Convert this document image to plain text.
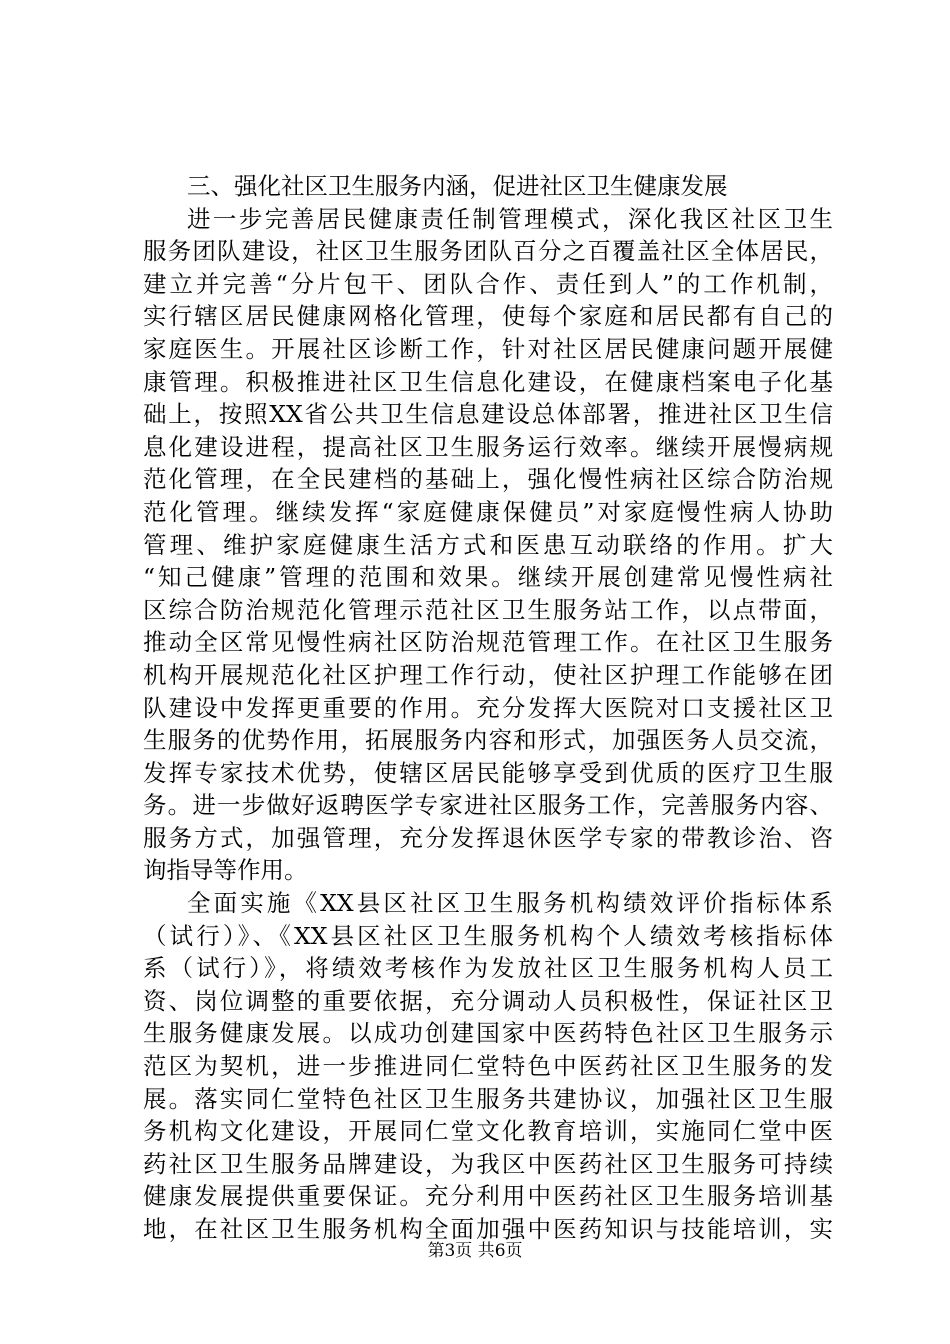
三、强化社区卫生服务内涵，促进社区卫生健康发展
进一步完善居民健康责任制管理模式，深化我区社区卫生
服务团队建设，社区卫生服务团队百分之百覆盖社区全体居民，
建立并完善“分片包干、团队合作、责任到人”的工作机制，
实行辖区居民健康网格化管理，使每个家庭和居民都有自己的
家庭医生。开展社区诊断工作，针对社区居民健康问题开展健
康管理。积极推进社区卫生信息化建设，在健康档案电子化基
础上，按照XX省公共卫生信息建设总体部署，推进社区卫生信
息化建设进程，提高社区卫生服务运行效率。继续开展慢病规
范化管理，在全民建档的基础上，强化慢性病社区综合防治规
范化管理。继续发挥“家庭健康保健员”对家庭慢性病人协助
管理、维护家庭健康生活方式和医患互动联络的作用。扩大
“知己健康”管理的范围和效果。继续开展创建常见慢性病社
区综合防治规范化管理示范社区卫生服务站工作，以点带面，
推动全区常见慢性病社区防治规范管理工作。在社区卫生服务
机构开展规范化社区护理工作行动，使社区护理工作能够在团
队建设中发挥更重要的作用。充分发挥大医院对口支援社区卫
生服务的优势作用，拓展服务内容和形式，加强医务人员交流，
发挥专家技术优势，使辖区居民能够享受到优质的医疗卫生服
务。进一步做好返聘医学专家进社区服务工作，完善服务内容、
服务方式，加强管理，充分发挥退休医学专家的带教诊治、咨
询指导等作用。
全面实施《XX县区社区卫生服务机构绩效评价指标体系
（试行）》、《XX县区社区卫生服务机构个人绩效考核指标体
系（试行）》，将绩效考核作为发放社区卫生服务机构人员工
资、岗位调整的重要依据，充分调动人员积极性，保证社区卫
生服务健康发展。以成功创建国家中医药特色社区卫生服务示
范区为契机，进一步推进同仁堂特色中医药社区卫生服务的发
展。落实同仁堂特色社区卫生服务共建协议，加强社区卫生服
务机构文化建设，开展同仁堂文化教育培训，实施同仁堂中医
药社区卫生服务品牌建设，为我区中医药社区卫生服务可持续
健康发展提供重要保证。充分利用中医药社区卫生服务培训基
地，在社区卫生服务机构全面加强中医药知识与技能培训，实
第3页 共6页
